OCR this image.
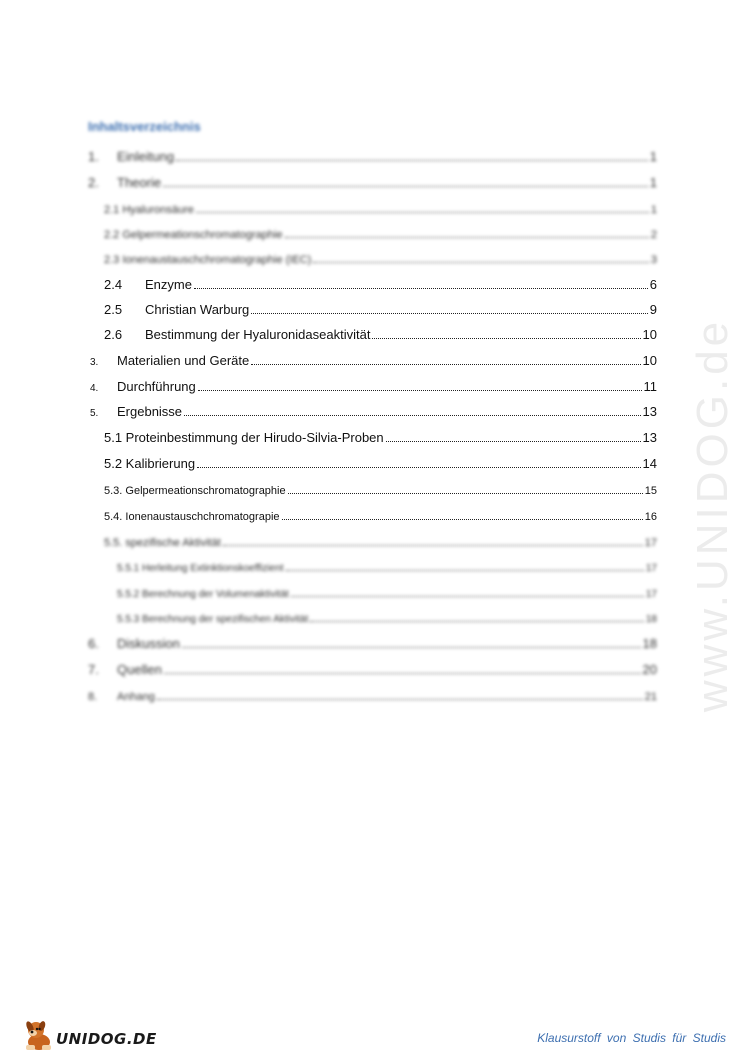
Inhaltsverzeichnis
1. Einleitung	1
2. Theorie	1
2.1 Hyaluronsäure	1
2.2 Gelpermeationschromatographie	2
2.3 Ionenaustauschchromatographie (IEC)	3
2.4 Enzyme	6
2.5 Christian Warburg	9
2.6 Bestimmung der Hyaluronidaseaktivität	10
3. Materialien und Geräte	10
4. Durchführung	11
5. Ergebnisse	13
5.1 Proteinbestimmung der Hirudo-Silvia-Proben	13
5.2 Kalibrierung	14
5.3. Gelpermeationschromatographie	15
5.4. Ionenaustauschchromatograpie	16
5.5. spezifische Aktivität	17
5.5.1 Herleitung Extinktionskoeffizient	17
5.5.2 Berechnung der Volumenaktivität	17
5.5.3 Berechnung der spezifischen Aktivität	18
6. Diskussion	18
7. Quellen	20
8. Anhang	21 www.UNIDOG.de
UNIDOG.DE	Klausurstoff von Studis für Studis
